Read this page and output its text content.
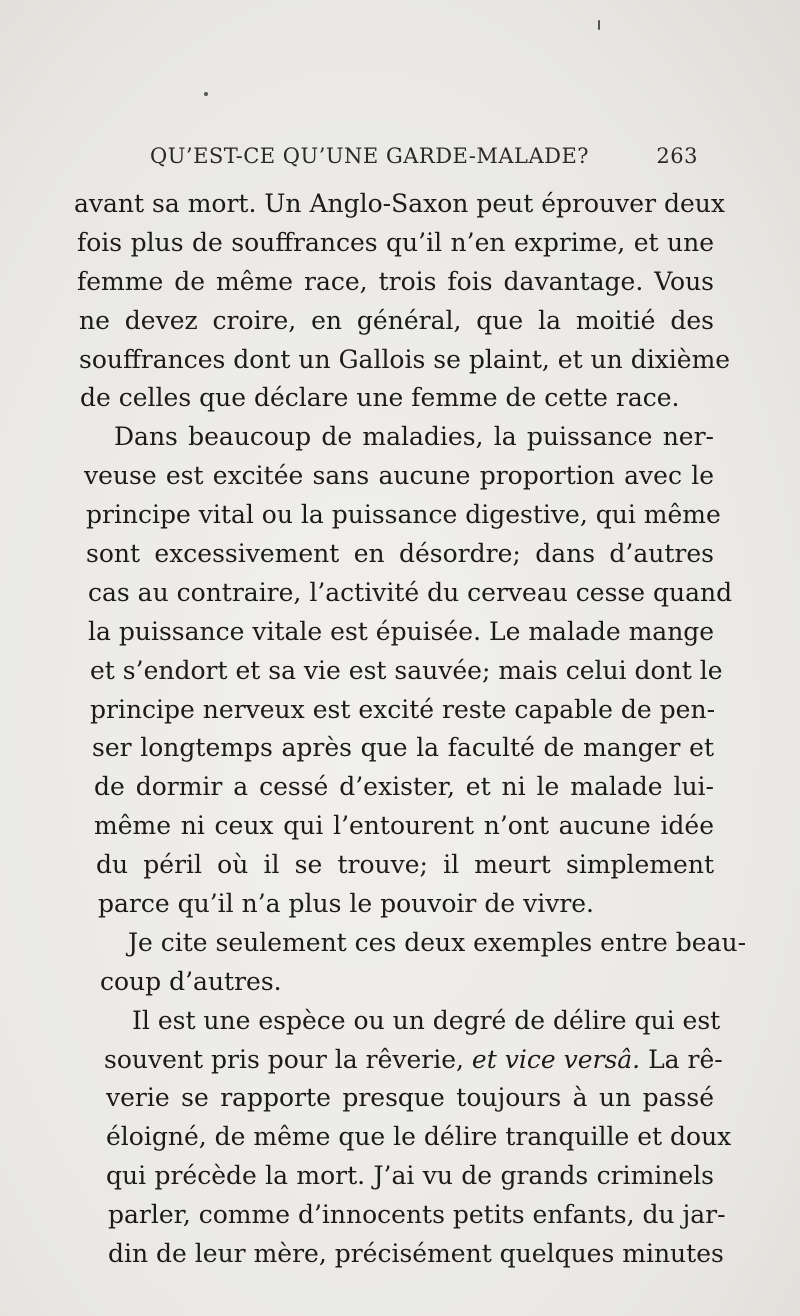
QU’EST-CE QU’UNE GARDE-MALADE?	263
avant sa mort. Un Anglo-Saxon peut éprouver deux
fois plus de souffrances qu’il n’en exprime, et une
femme de même race, trois fois davantage. Vous
ne devez croire, en général, que la moitié des
souffrances dont un Gallois se plaint, et un dixième
de celles que déclare une femme de cette race.
Dans beaucoup de maladies, la puissance ner-
veuse est excitée sans aucune proportion avec le
principe vital ou la puissance digestive, qui même
sont excessivement en désordre; dans d’autres
cas au contraire, l’activité du cerveau cesse quand
la puissance vitale est épuisée. Le malade mange
et s’endort et sa vie est sauvée; mais celui dont le
principe nerveux est excité reste capable de pen-
ser longtemps après que la faculté de manger et
de dormir a cessé d’exister, et ni le malade lui-
même ni ceux qui l’entourent n’ont aucune idée
du péril où il se trouve; il meurt simplement
parce qu’il n’a plus le pouvoir de vivre.
Je cite seulement ces deux exemples entre beau-
coup d’autres.
Il est une espèce ou un degré de délire qui est
souvent pris pour la rêverie, et vice versâ. La rê-
verie se rapporte presque toujours à un passé
éloigné, de même que le délire tranquille et doux
qui précède la mort. J’ai vu de grands criminels
parler, comme d’innocents petits enfants, du jar-
din de leur mère, précisément quelques minutes
